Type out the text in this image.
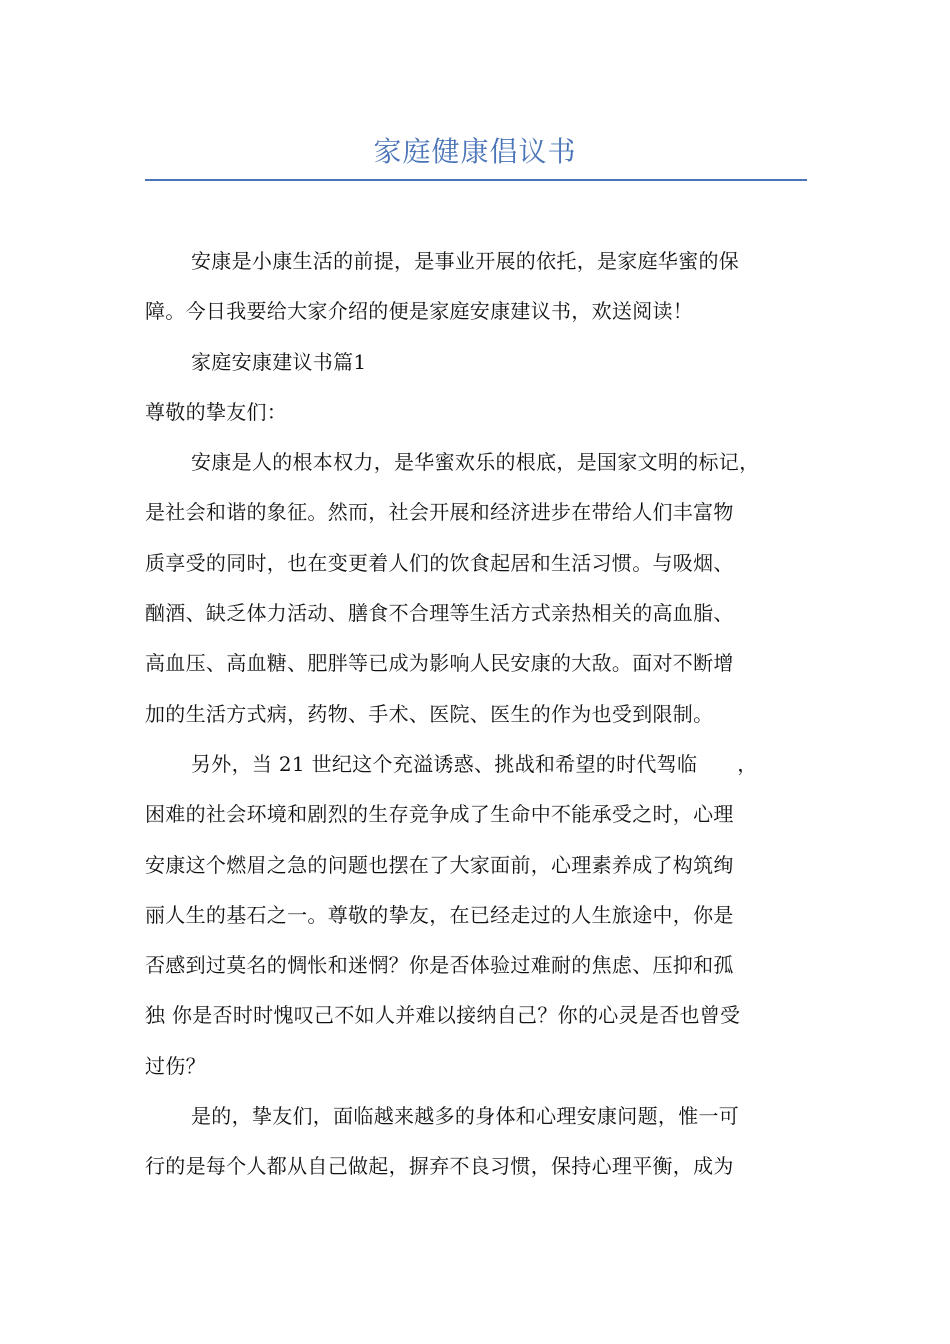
家庭健康倡议书

安康是小康生活的前提，是事业开展的依托，是家庭华蜜的保

障。今日我要给大家介绍的便是家庭安康建议书，欢送阅读！

家庭安康建议书篇1

尊敬的挚友们：

安康是人的根本权力，是华蜜欢乐的根底，是国家文明的标记，

是社会和谐的象征。然而，社会开展和经济进步在带给人们丰富物

质享受的同时，也在变更着人们的饮食起居和生活习惯。与吸烟、

酗酒、缺乏体力活动、膳食不合理等生活方式亲热相关的高血脂、

高血压、高血糖、肥胖等已成为影响人民安康的大敌。面对不断增

加的生活方式病，药物、手术、医院、医生的作为也受到限制。

另外，当 21 世纪这个充溢诱惑、挑战和希望的时代驾临 ，

困难的社会环境和剧烈的生存竞争成了生命中不能承受之时，心理

安康这个燃眉之急的问题也摆在了大家面前，心理素养成了构筑绚

丽人生的基石之一。尊敬的挚友，在已经走过的人生旅途中，你是

否感到过莫名的惆怅和迷惘？你是否体验过难耐的焦虑、压抑和孤

独 你是否时时愧叹己不如人并难以接纳自己？你的心灵是否也曾受

过伤？

是的，挚友们，面临越来越多的身体和心理安康问题，惟一可

行的是每个人都从自己做起，摒弃不良习惯，保持心理平衡，成为
